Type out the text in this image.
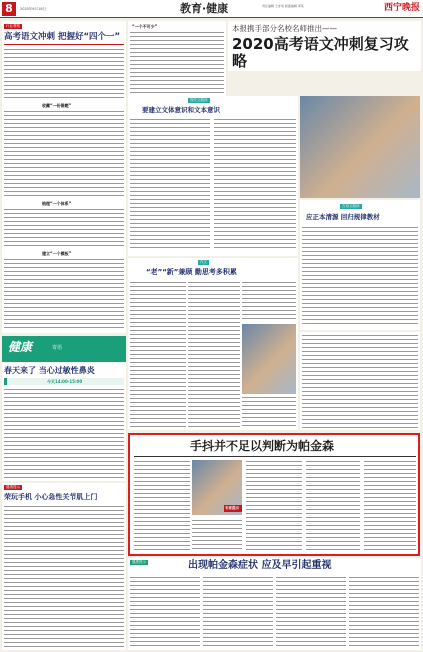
8	2020年6月18日	教育·健康	责任编辑 王亦某 版面编辑 李某	西宁晚报
行业观察
高考语文冲刺 把握好“四个一”
收藏“一份错题”
梳理“一个体系”
建立“一个模板”
“一个不可少”	本报携手部分名校名师推出——
2020高考语文冲刺复习攻略
现代文阅读
要建立文体意识和文本意识
古诗文阅读
应正本清源 回归规律教材
作文
“老”“新”兼顾 勤思考多积累
健康	寄语
春天来了 当心过敏性鼻炎
今天14:00-15:00
健康提示
荣玩手机 小心急性关节肌上门
手抖并不足以判断为帕金森
专家提示
健康提示	出现帕金森症状 应及早引起重视
